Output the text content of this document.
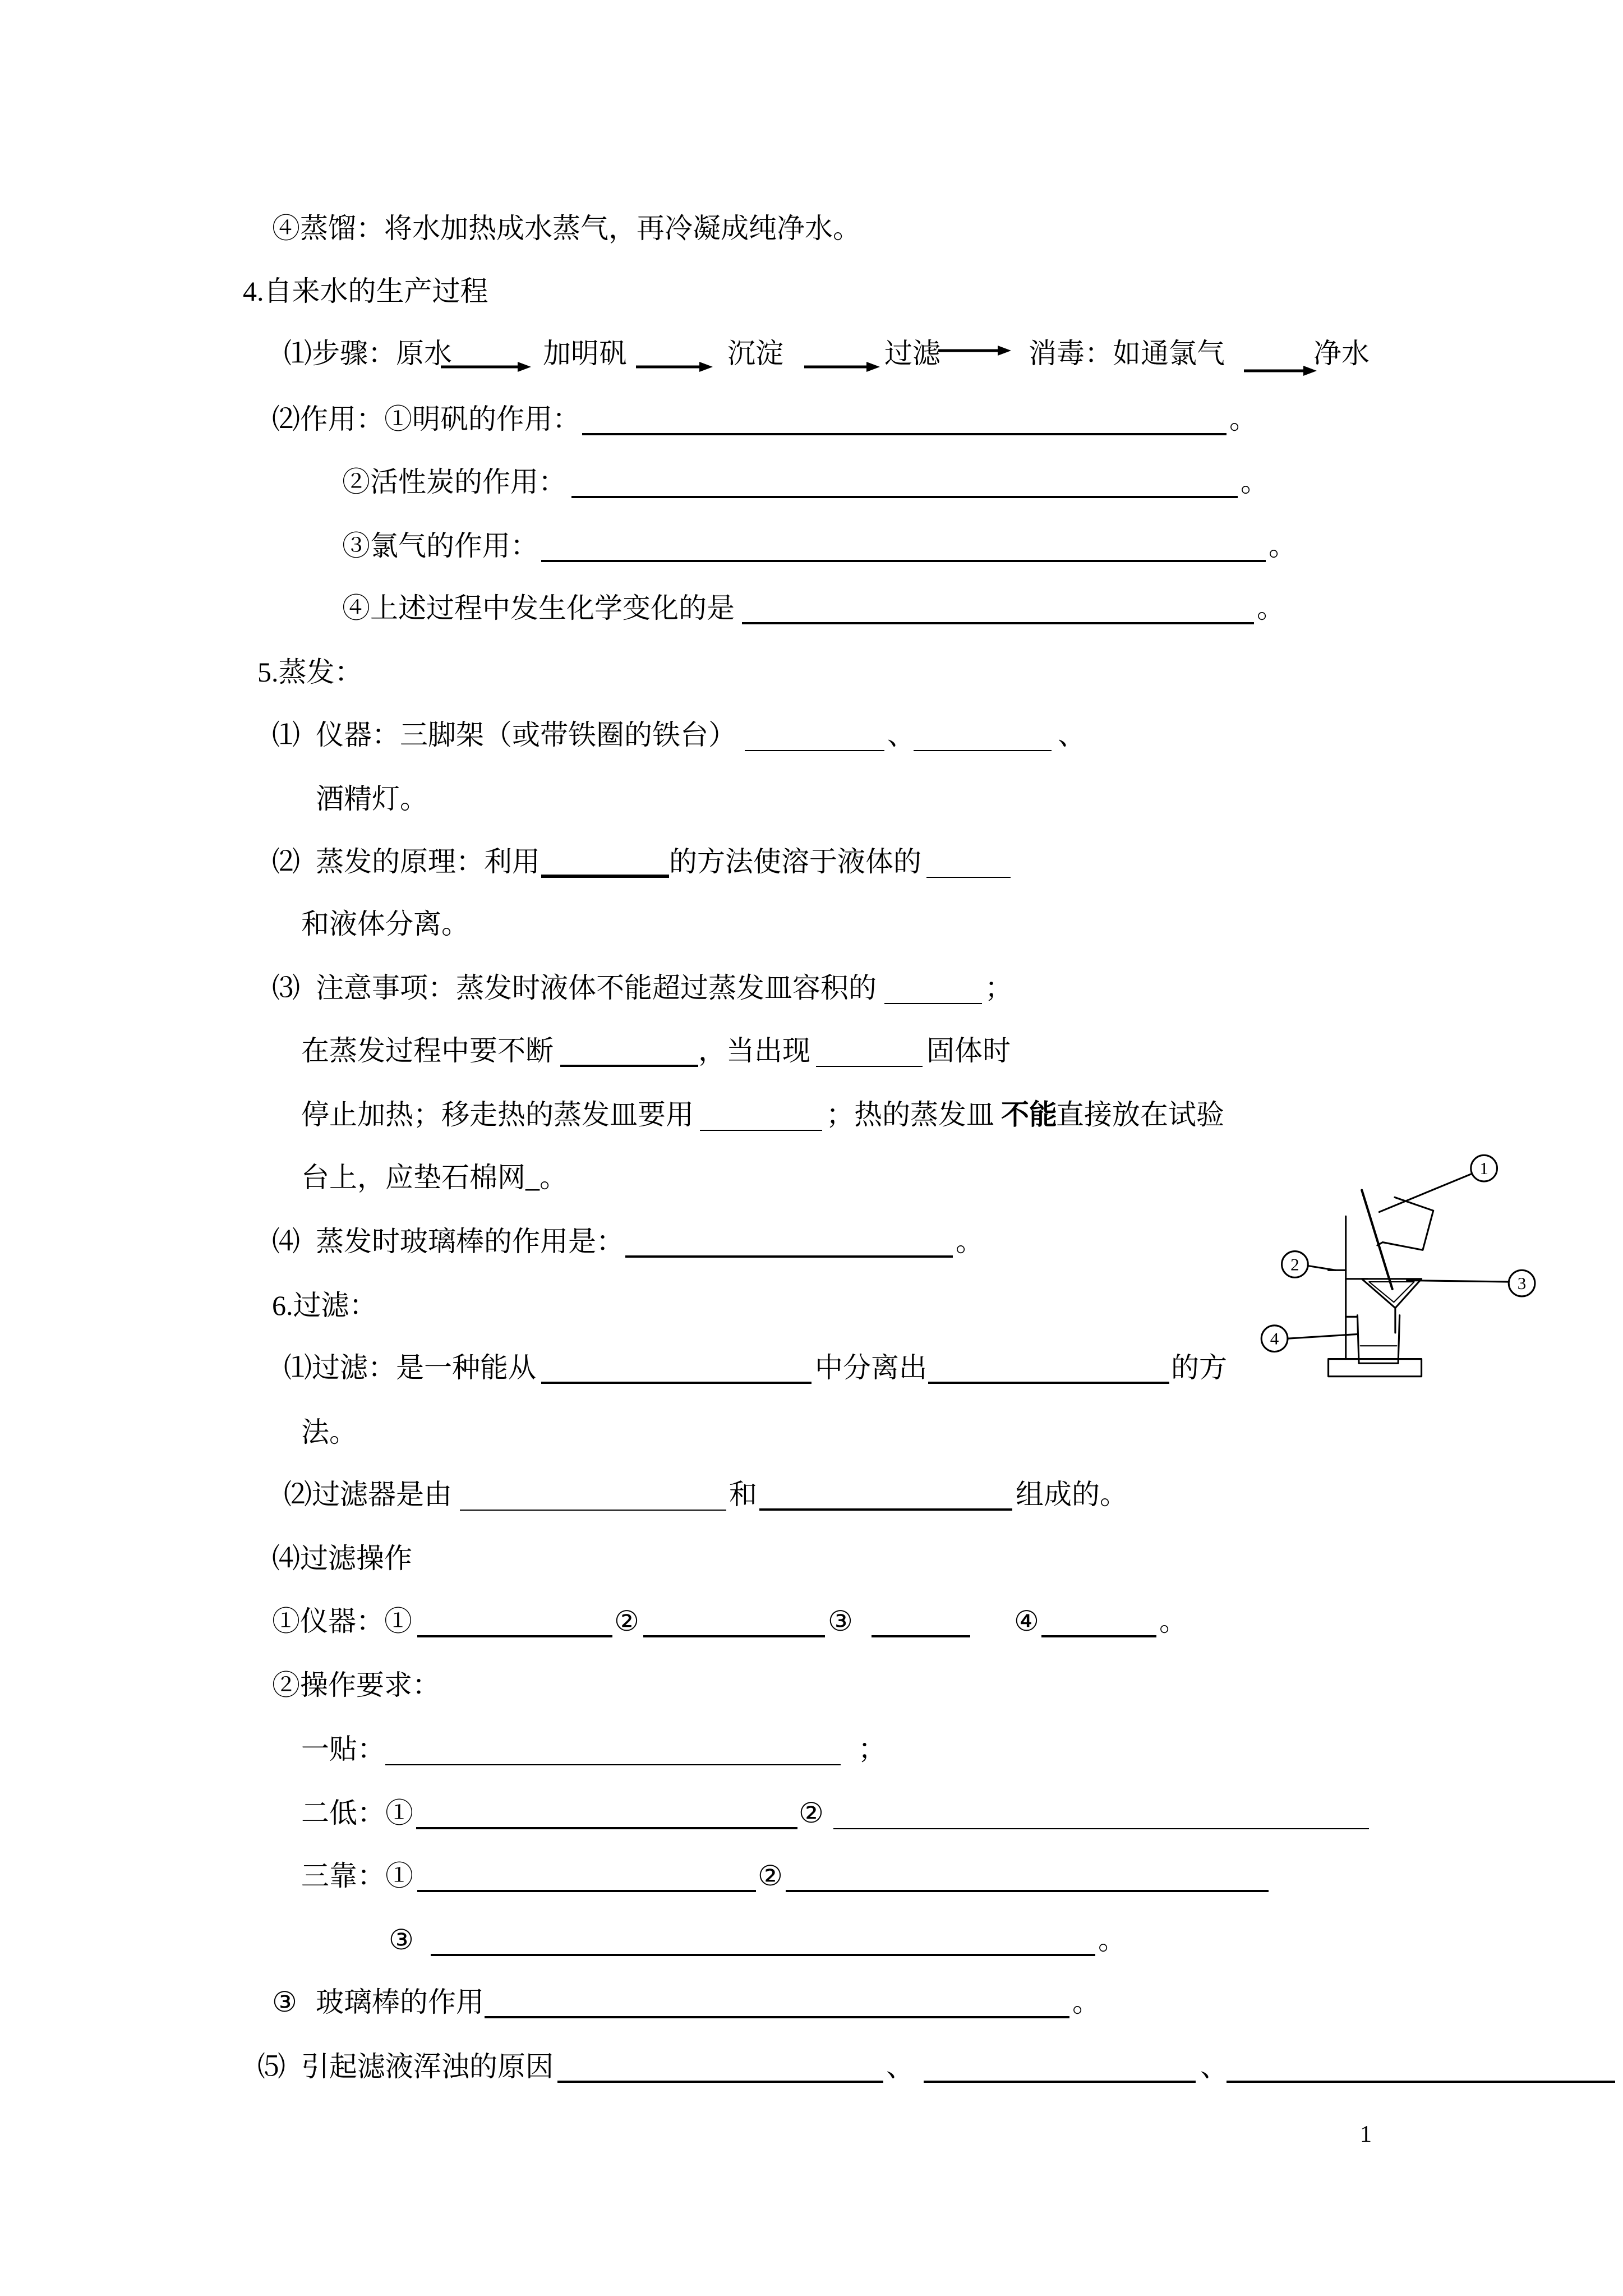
④蒸馏：将水加热成水蒸气，再冷凝成纯净水。
4.自来水的生产过程
⑴步骤：原水	加明矾	沉淀	过滤	消毒：如通氯气	净水
⑵作用：①明矾的作用：	。
②活性炭的作用：	。
③氯气的作用：	。
④上述过程中发生化学变化的是	。
5.蒸发：
⑴ 仪器：三脚架（或带铁圈的铁台）	、	、
酒精灯。
⑵ 蒸发的原理：利用	的方法使溶于液体的
和液体分离。
⑶ 注意事项：蒸发时液体不能超过蒸发皿容积的	；
在蒸发过程中要不断	，当出现	固体时
停止加热；移走热的蒸发皿要用	；热的蒸发皿 不能
直接放在试验
台上，应垫石棉网_。
⑷ 蒸发时玻璃棒的作用是：	。
6.过滤：
⑴过滤：是一种能从	中分离出	的方
法。
⑵过滤器是由	和	组成的。
⑷过滤操作
①仪器：①	②	③	④	。
②操作要求：
一贴：	；
二低：①	②
三靠：①	②
③	。
③ 玻璃棒的作用	。
⑸ 引起滤液浑浊的原因	、	、
1
1
2
3
4
